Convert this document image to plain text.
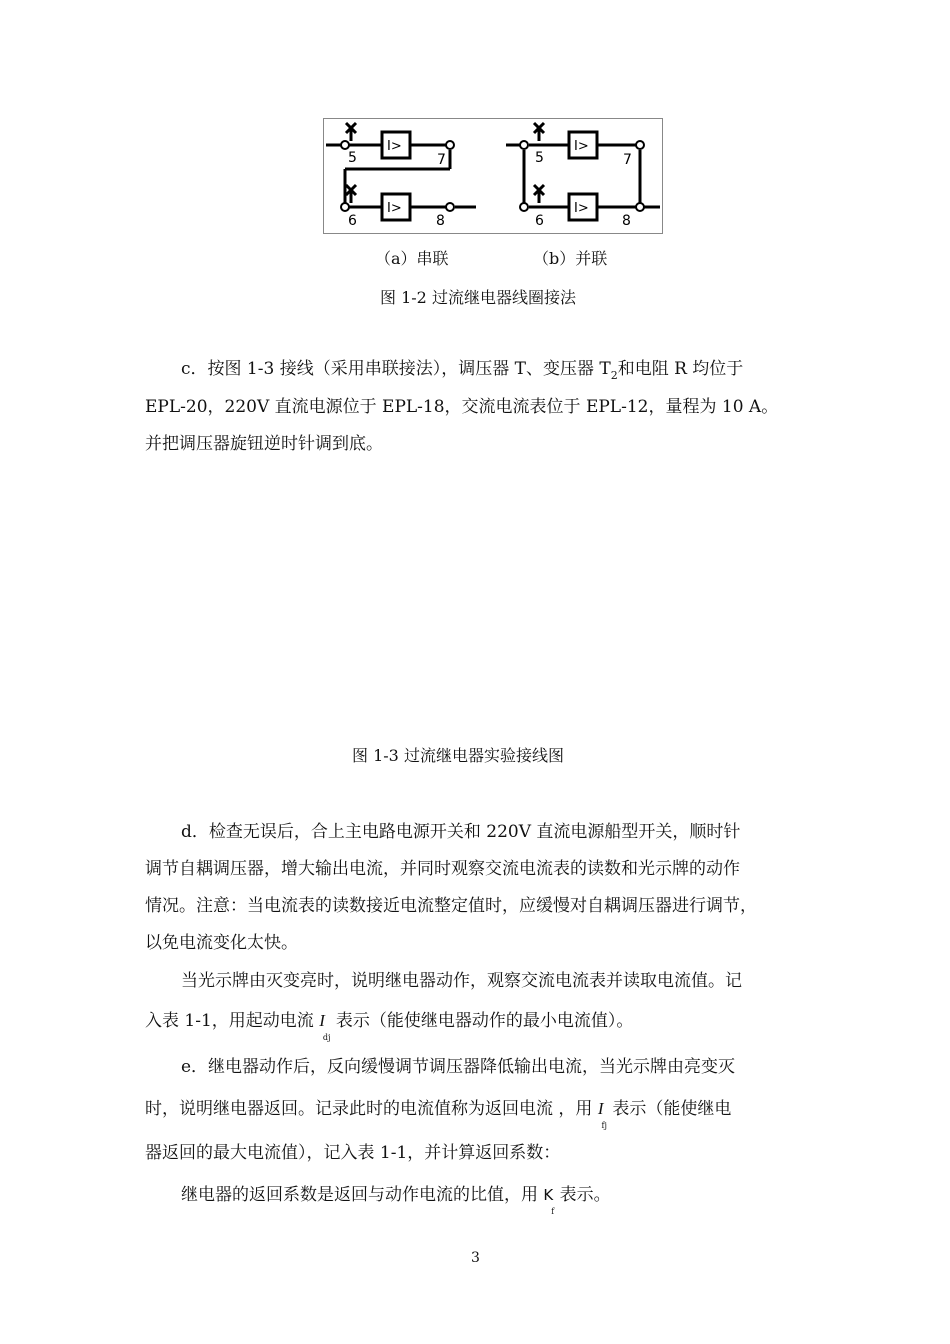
I>
I>
I>
I>
5	7
6	8
5	7
6	8
（a）串联	（b）并联
图 1-2 过流继电器线圈接法
c．按图 1-3 接线（采用串联接法），调压器 T、变压器 $T_2$和电阻 R 均位于
EPL-20，220V 直流电源位于 EPL-18，交流电流表位于 EPL-12，量程为 10 A。
并把调压器旋钮逆时针调到底。
图 1-3 过流继电器实验接线图
d．检查无误后，合上主电路电源开关和 220V 直流电源船型开关，顺时针
调节自耦调压器，增大输出电流，并同时观察交流电流表的读数和光示牌的动作
情况。注意：当电流表的读数接近电流整定值时，应缓慢对自耦调压器进行调节，
以免电流变化太快。
当光示牌由灭变亮时，说明继电器动作，观察交流电流表并读取电流值。记
入表 1-1，用起动电流 $I_{dj}$ 表示（能使继电器动作的最小电流值）。
e．继电器动作后，反向缓慢调节调压器降低输出电流，当光示牌由亮变灭
时，说明继电器返回。记录此时的电流值称为返回电流 ，用 $I_{fj}$ 表示（能使继电
器返回的最大电流值），记入表 1-1，并计算返回系数：
继电器的返回系数是返回与动作电流的比值，用 $K_f$ 表示。
3
